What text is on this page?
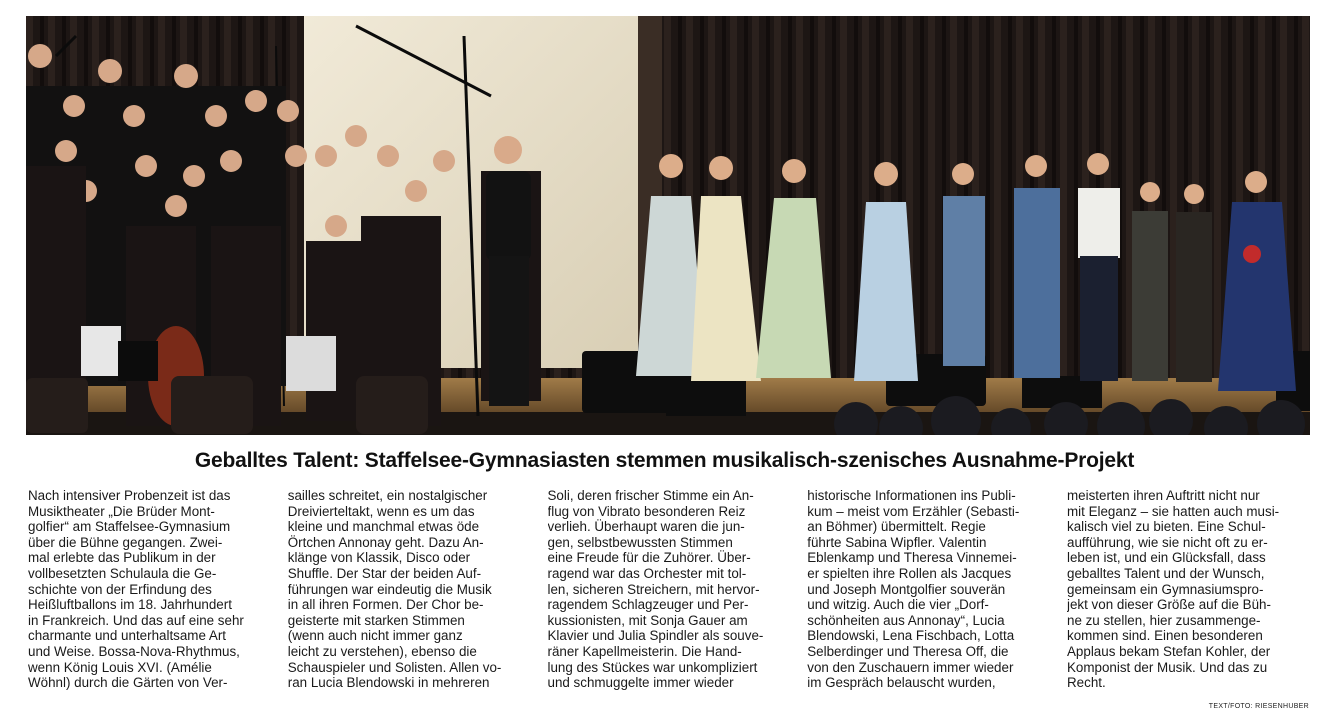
Geballtes Talent: Staffelsee-Gymnasiasten stemmen musikalisch-szenisches Ausnahme-Projekt
Nach intensiver Probenzeit ist das
Musiktheater „Die Brüder Mont-
golfier“ am Staffelsee-Gymnasium
über die Bühne gegangen. Zwei-
mal erlebte das Publikum in der
vollbesetzten Schulaula die Ge-
schichte von der Erfindung des
Heißluftballons im 18. Jahrhundert
in Frankreich. Und das auf eine sehr
charmante und unterhaltsame Art
und Weise. Bossa-Nova-Rhythmus,
wenn König Louis XVI. (Amélie
Wöhnl) durch die Gärten von Ver-
sailles schreitet, ein nostalgischer
Dreivierteltakt, wenn es um das
kleine und manchmal etwas öde
Örtchen Annonay geht. Dazu An-
klänge von Klassik, Disco oder
Shuffle. Der Star der beiden Auf-
führungen war eindeutig die Musik
in all ihren Formen. Der Chor be-
geisterte mit starken Stimmen
(wenn auch nicht immer ganz
leicht zu verstehen), ebenso die
Schauspieler und Solisten. Allen vo-
ran Lucia Blendowski in mehreren
Soli, deren frischer Stimme ein An-
flug von Vibrato besonderen Reiz
verlieh. Überhaupt waren die jun-
gen, selbstbewussten Stimmen
eine Freude für die Zuhörer. Über-
ragend war das Orchester mit tol-
len, sicheren Streichern, mit hervor-
ragendem Schlagzeuger und Per-
kussionisten, mit Sonja Gauer am
Klavier und Julia Spindler als souve-
räner Kapellmeisterin. Die Hand-
lung des Stückes war unkompliziert
und schmuggelte immer wieder
historische Informationen ins Publi-
kum – meist vom Erzähler (Sebasti-
an Böhmer) übermittelt. Regie
führte Sabina Wipfler. Valentin
Eblenkamp und Theresa Vinnemei-
er spielten ihre Rollen als Jacques
und Joseph Montgolfier souverän
und witzig. Auch die vier „Dorf-
schönheiten aus Annonay“, Lucia
Blendowski, Lena Fischbach, Lotta
Selberdinger und Theresa Off, die
von den Zuschauern immer wieder
im Gespräch belauscht wurden,
meisterten ihren Auftritt nicht nur
mit Eleganz – sie hatten auch musi-
kalisch viel zu bieten. Eine Schul-
aufführung, wie sie nicht oft zu er-
leben ist, und ein Glücksfall, dass
geballtes Talent und der Wunsch,
gemeinsam ein Gymnasiumspro-
jekt von dieser Größe auf die Büh-
ne zu stellen, hier zusammenge-
kommen sind. Einen besonderen
Applaus bekam Stefan Kohler, der
Komponist der Musik. Und das zu
Recht.
TEXT/FOTO: RIESENHUBER
